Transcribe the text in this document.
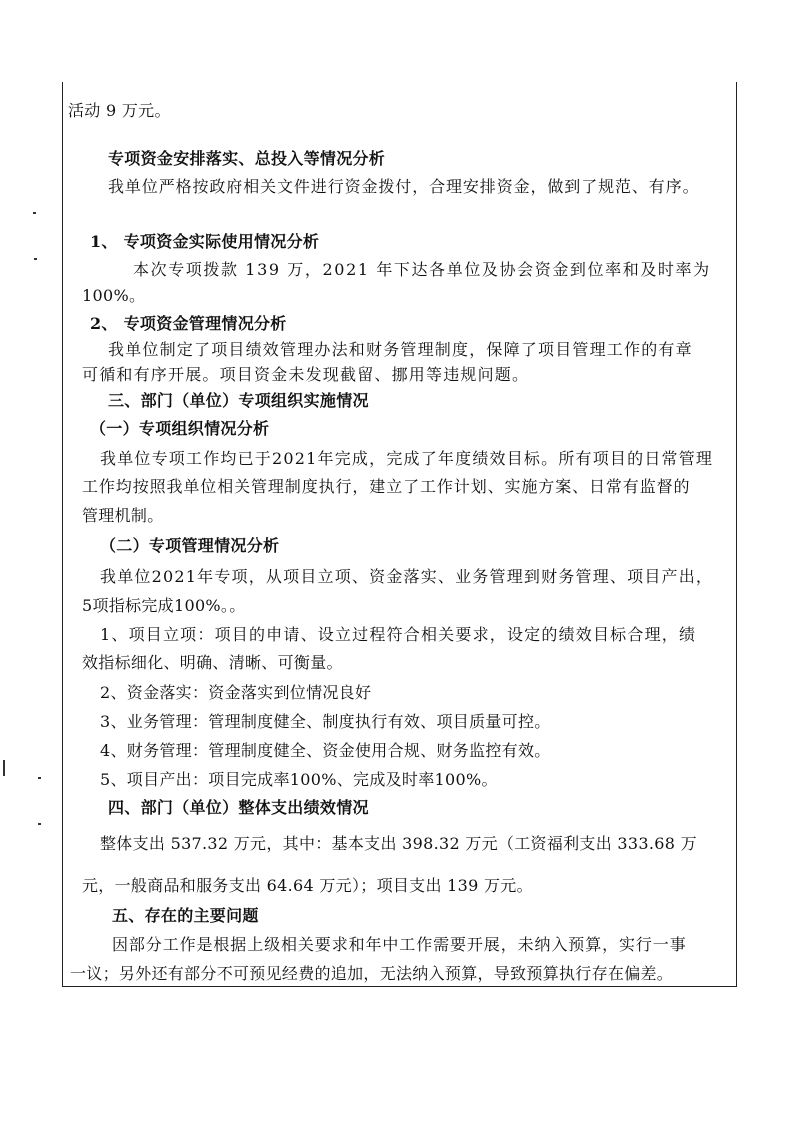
活动 9 万元。
专项资金安排落实、总投入等情况分析
我单位严格按政府相关文件进行资金拨付，合理安排资金，做到了规范、有序。
1、 专项资金实际使用情况分析
本次专项拨款 139 万，2021 年下达各单位及协会资金到位率和及时率为
100%。
2、 专项资金管理情况分析
我单位制定了项目绩效管理办法和财务管理制度，保障了项目管理工作的有章
可循和有序开展。项目资金未发现截留、挪用等违规问题。
三、部门（单位）专项组织实施情况
（一）专项组织情况分析
我单位专项工作均已于2021年完成，完成了年度绩效目标。所有项目的日常管理
工作均按照我单位相关管理制度执行，建立了工作计划、实施方案、日常有监督的
管理机制。
（二）专项管理情况分析
我单位2021年专项，从项目立项、资金落实、业务管理到财务管理、项目产出，
5项指标完成100%。。
1、项目立项：项目的申请、设立过程符合相关要求，设定的绩效目标合理，绩
效指标细化、明确、清晰、可衡量。
2、资金落实：资金落实到位情况良好
3、业务管理：管理制度健全、制度执行有效、项目质量可控。
4、财务管理：管理制度健全、资金使用合规、财务监控有效。
5、项目产出：项目完成率100%、完成及时率100%。
四、部门（单位）整体支出绩效情况
整体支出 537.32 万元，其中：基本支出 398.32 万元（工资福利支出 333.68 万
元，一般商品和服务支出 64.64 万元）；项目支出 139 万元。
五、存在的主要问题
因部分工作是根据上级相关要求和年中工作需要开展，未纳入预算，实行一事
一议；另外还有部分不可预见经费的追加，无法纳入预算，导致预算执行存在偏差。
